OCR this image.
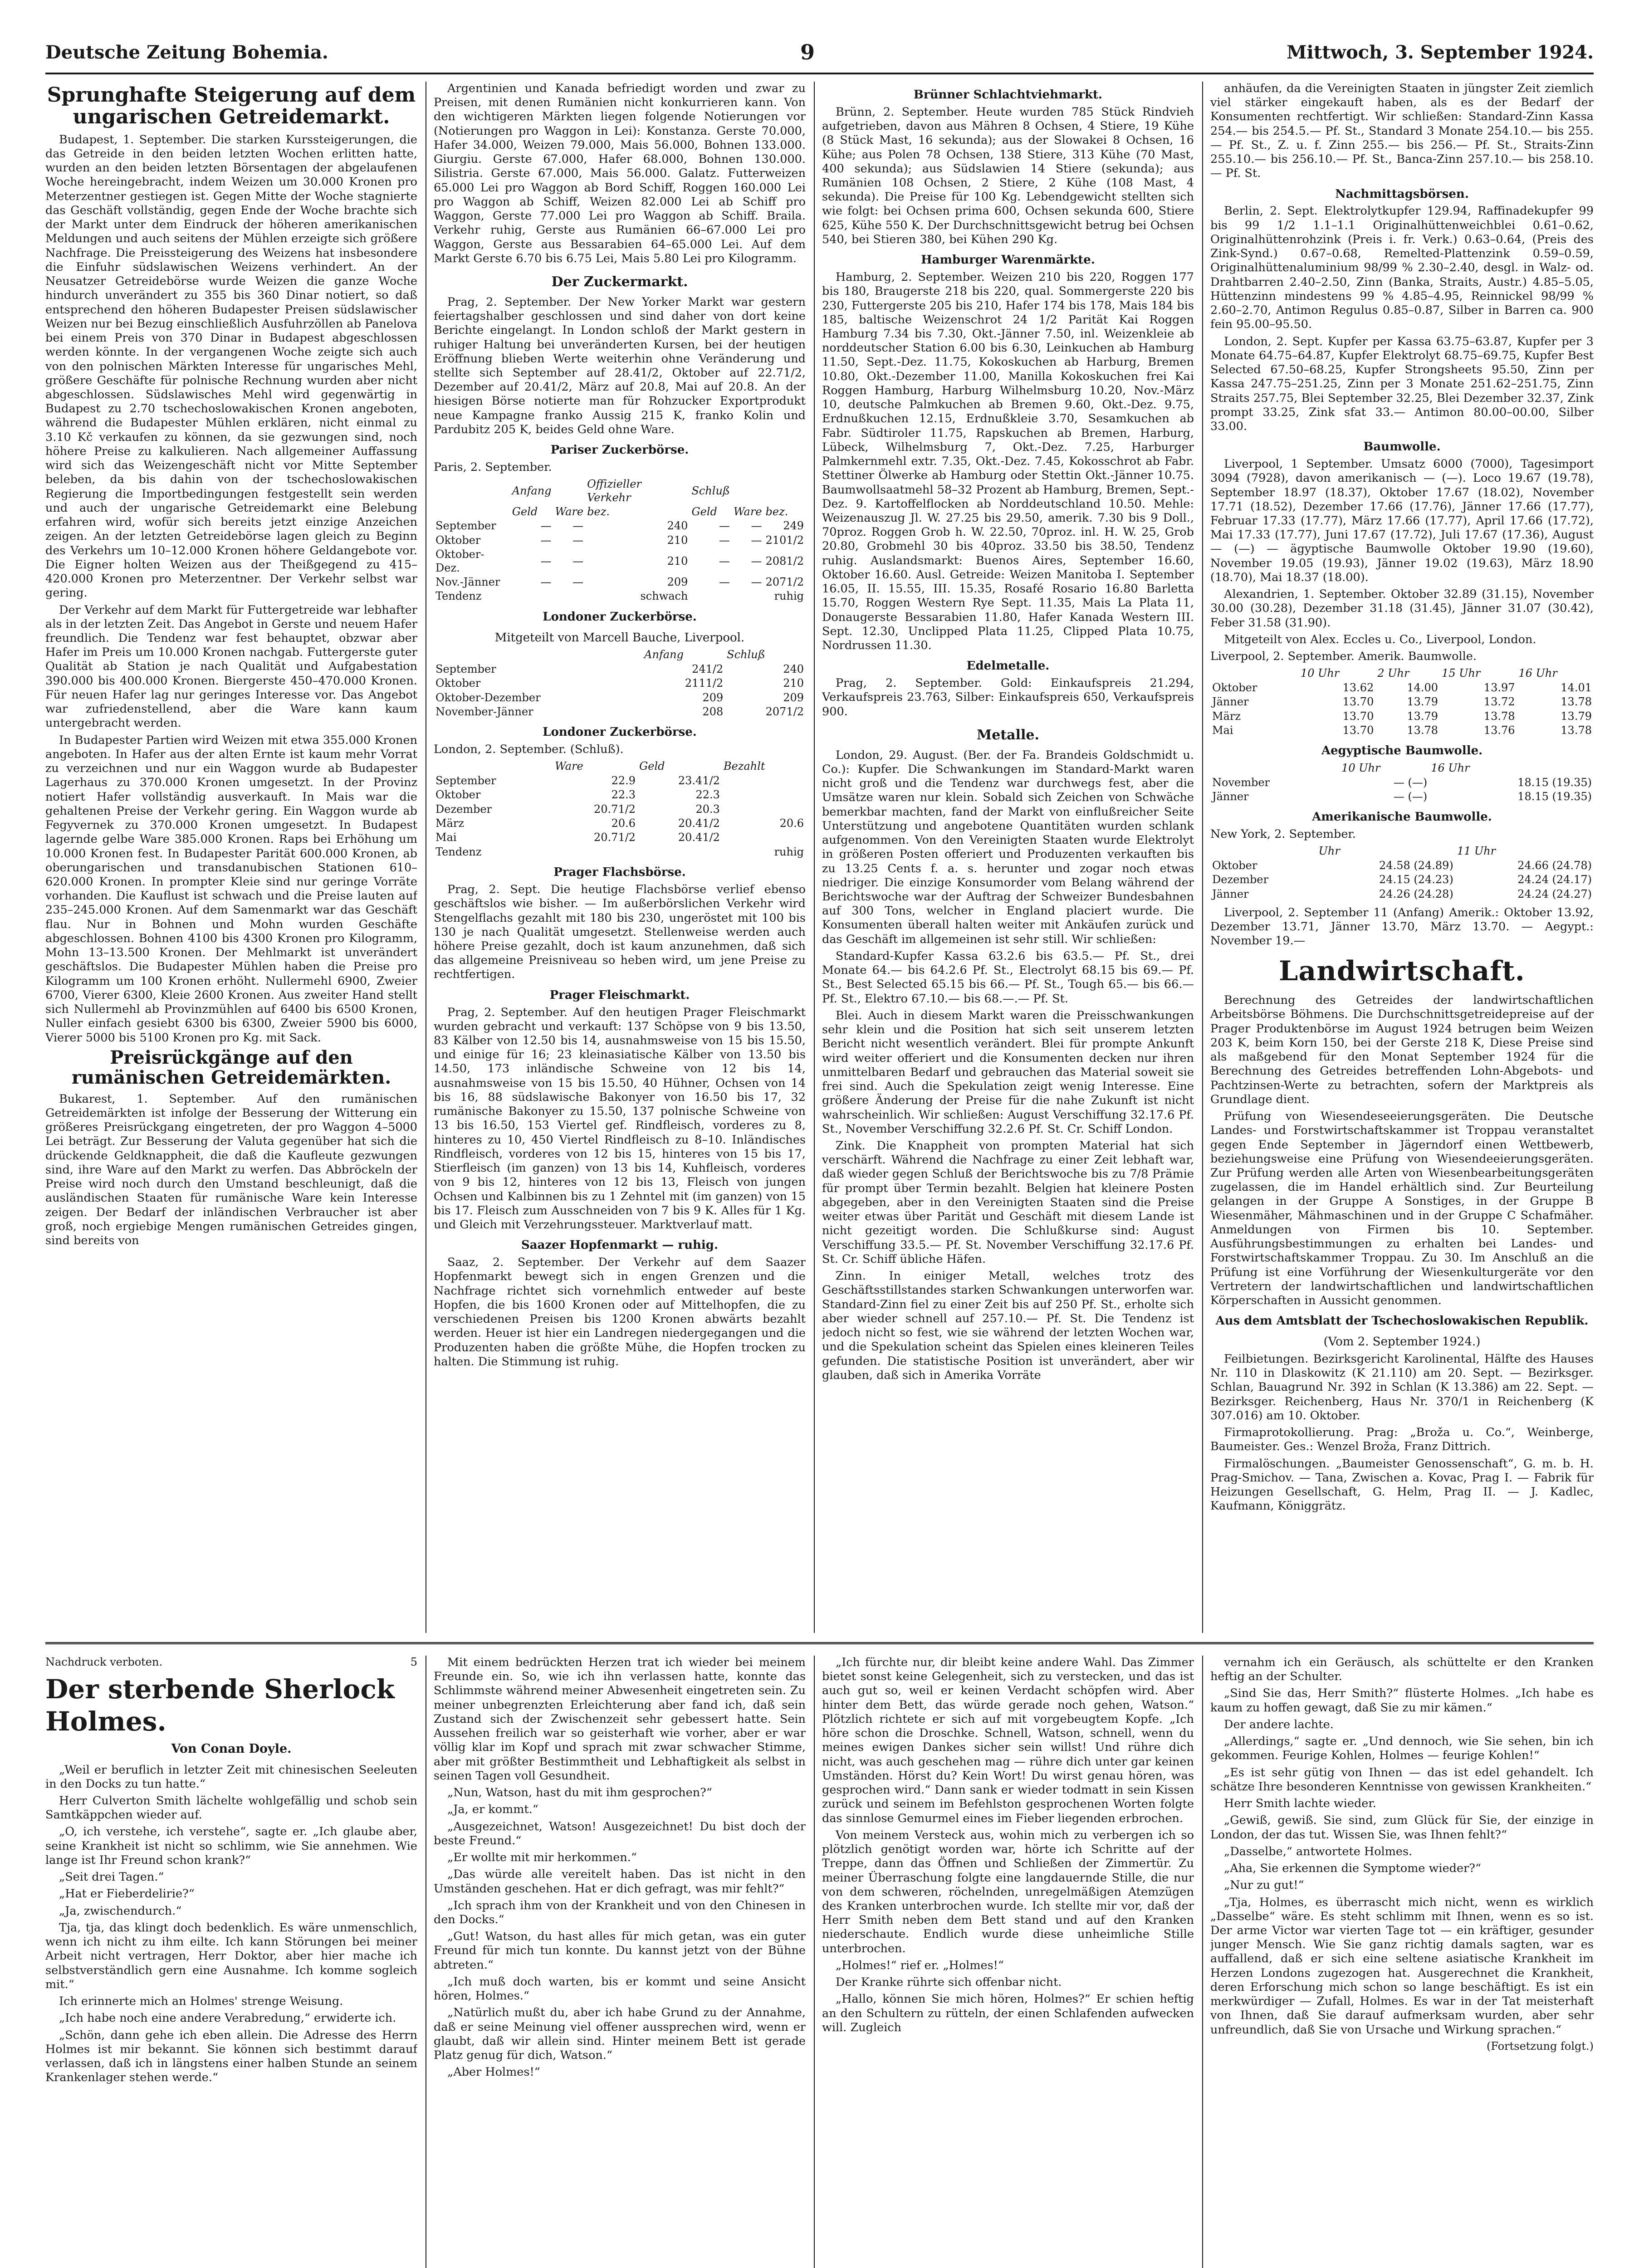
Deutsche Zeitung Bohemia.	9	Mittwoch, 3. September 1924.
Sprunghafte Steigerung auf dem ungarischen Getreidemarkt.

Budapest, 1. September. Die starken Kurssteigerungen, die das Getreide in den beiden letzten Wochen erlitten hatte, wurden an den beiden letzten Börsentagen der abgelaufenen Woche hereingebracht, indem Weizen um 30.000 Kronen pro Meterzentner gestiegen ist. Gegen Mitte der Woche stagnierte das Geschäft vollständig, gegen Ende der Woche brachte sich der Markt unter dem Eindruck der höheren amerikanischen Meldungen und auch seitens der Mühlen erzeigte sich größere Nachfrage. Die Preissteigerung des Weizens hat insbesondere die Einfuhr südslawischen Weizens verhindert. An der Neusatzer Getreidebörse wurde Weizen die ganze Woche hindurch unverändert zu 355 bis 360 Dinar notiert, so daß entsprechend den höheren Budapester Preisen südslawischer Weizen nur bei Bezug einschließlich Ausfuhrzöllen ab Panelova bei einem Preis von 370 Dinar in Budapest abgeschlossen werden könnte. In der vergangenen Woche zeigte sich auch von den polnischen Märkten Interesse für ungarisches Mehl, größere Geschäfte für polnische Rechnung wurden aber nicht abgeschlossen. Südslawisches Mehl wird gegenwärtig in Budapest zu 2.70 tschechoslowakischen Kronen angeboten, während die Budapester Mühlen erklären, nicht einmal zu 3.10 Kč verkaufen zu können, da sie gezwungen sind, noch höhere Preise zu kalkulieren. Nach allgemeiner Auffassung wird sich das Weizengeschäft nicht vor Mitte September beleben, da bis dahin von der tschechoslowakischen Regierung die Importbedingungen festgestellt sein werden und auch der ungarische Getreidemarkt eine Belebung erfahren wird, wofür sich bereits jetzt einzige Anzeichen zeigen. An der letzten Getreidebörse lagen gleich zu Beginn des Verkehrs um 10–12.000 Kronen höhere Geldangebote vor. Die Eigner holten Weizen aus der Theißgegend zu 415–420.000 Kronen pro Meterzentner. Der Verkehr selbst war gering.

Der Verkehr auf dem Markt für Futtergetreide war lebhafter als in der letzten Zeit. Das Angebot in Gerste und neuem Hafer freundlich. Die Tendenz war fest behauptet, obzwar aber Hafer im Preis um 10.000 Kronen nachgab. Futtergerste guter Qualität ab Station je nach Qualität und Aufgabestation 390.000 bis 400.000 Kronen. Biergerste 450–470.000 Kronen. Für neuen Hafer lag nur geringes Interesse vor. Das Angebot war zufriedenstellend, aber die Ware kann kaum untergebracht werden.

In Budapester Partien wird Weizen mit etwa 355.000 Kronen angeboten. In Hafer aus der alten Ernte ist kaum mehr Vorrat zu verzeichnen und nur ein Waggon wurde ab Budapester Lagerhaus zu 370.000 Kronen umgesetzt. In der Provinz notiert Hafer vollständig ausverkauft. In Mais war die gehaltenen Preise der Verkehr gering. Ein Waggon wurde ab Fegyvernek zu 370.000 Kronen umgesetzt. In Budapest lagernde gelbe Ware 385.000 Kronen. Raps bei Erhöhung um 10.000 Kronen fest. In Budapester Parität 600.000 Kronen, ab oberungarischen und transdanubischen Stationen 610–620.000 Kronen. In prompter Kleie sind nur geringe Vorräte vorhanden. Die Kauflust ist schwach und die Preise lauten auf 235–245.000 Kronen. Auf dem Samenmarkt war das Geschäft flau. Nur in Bohnen und Mohn wurden Geschäfte abgeschlossen. Bohnen 4100 bis 4300 Kronen pro Kilogramm, Mohn 13–13.500 Kronen. Der Mehlmarkt ist unverändert geschäftslos. Die Budapester Mühlen haben die Preise pro Kilogramm um 100 Kronen erhöht. Nullermehl 6900, Zweier 6700, Vierer 6300, Kleie 2600 Kronen. Aus zweiter Hand stellt sich Nullermehl ab Provinzmühlen auf 6400 bis 6500 Kronen, Nuller einfach gesiebt 6300 bis 6300, Zweier 5900 bis 6000, Vierer 5000 bis 5100 Kronen pro Kg. mit Sack.

Preisrückgänge auf den rumänischen Getreidemärkten.

Bukarest, 1. September. Auf den rumänischen Getreidemärkten ist infolge der Besserung der Witterung ein größeres Preisrückgang eingetreten, der pro Waggon 4–5000 Lei beträgt. Zur Besserung der Valuta gegenüber hat sich die drückende Geldknappheit, die daß die Kaufleute gezwungen sind, ihre Ware auf den Markt zu werfen. Das Abbröckeln der Preise wird noch durch den Umstand beschleunigt, daß die ausländischen Staaten für rumänische Ware kein Interesse zeigen. Der Bedarf der inländischen Verbraucher ist aber groß, noch ergiebige Mengen rumänischen Getreides gingen, sind bereits von

Argentinien und Kanada befriedigt worden und zwar zu Preisen, mit denen Rumänien nicht konkurrieren kann. Von den wichtigeren Märkten liegen folgende Notierungen vor (Notierungen pro Waggon in Lei): Konstanza. Gerste 70.000, Hafer 34.000, Weizen 79.000, Mais 56.000, Bohnen 133.000. Giurgiu. Gerste 67.000, Hafer 68.000, Bohnen 130.000. Silistria. Gerste 67.000, Mais 56.000. Galatz. Futterweizen 65.000 Lei pro Waggon ab Bord Schiff, Roggen 160.000 Lei pro Waggon ab Schiff, Weizen 82.000 Lei ab Schiff pro Waggon, Gerste 77.000 Lei pro Waggon ab Schiff. Braila. Verkehr ruhig, Gerste aus Rumänien 66–67.000 Lei pro Waggon, Gerste aus Bessarabien 64–65.000 Lei. Auf dem Markt Gerste 6.70 bis 6.75 Lei, Mais 5.80 Lei pro Kilogramm.

Der Zuckermarkt.

Prag, 2. September. Der New Yorker Markt war gestern feiertagshalber geschlossen und sind daher von dort keine Berichte eingelangt. In London schloß der Markt gestern in ruhiger Haltung bei unveränderten Kursen, bei der heutigen Eröffnung blieben Werte weiterhin ohne Veränderung und stellte sich September auf 28.41/2, Oktober auf 22.71/2, Dezember auf 20.41/2, März auf 20.8, Mai auf 20.8. An der hiesigen Börse notierte man für Rohzucker Exportprodukt neue Kampagne franko Aussig 215 K, franko Kolin und Pardubitz 205 K, beides Geld ohne Ware.

Pariser Zuckerbörse.
Paris, 2. September.
	Anfang		Offizieller Verkehr	Schluß		
	Geld	Ware	bez.	Geld	Ware	bez.
September	—	—	240	—	—	249
Oktober	—	—	210	—	—	2101/2
Oktober-Dez.	—	—	210	—	—	2081/2
Nov.-Jänner	—	—	209	—	—	2071/2
Tendenz	schwach			ruhig		
Londoner Zuckerbörse.
Mitgeteilt von Marcell Bauche, Liverpool.
	Anfang	Schluß
September	241/2	240
Oktober	2111/2	210
Oktober-Dezember	209	209
November-Jänner	208	2071/2
Londoner Zuckerbörse.
London, 2. September. (Schluß).
	Ware	Geld	Bezahlt
September	22.9	23.41/2	
Oktober	22.3	22.3	
Dezember	20.71/2	20.3	
März	20.6	20.41/2	20.6
Mai	20.71/2	20.41/2	
Tendenz	ruhig		
Prager Flachsbörse.

Prag, 2. Sept. Die heutige Flachsbörse verlief ebenso geschäftslos wie bisher. — Im außerbörslichen Verkehr wird Stengelflachs gezahlt mit 180 bis 230, ungeröstet mit 100 bis 130 je nach Qualität umgesetzt. Stellenweise werden auch höhere Preise gezahlt, doch ist kaum anzunehmen, daß sich das allgemeine Preisniveau so heben wird, um jene Preise zu rechtfertigen.

Prager Fleischmarkt.

Prag, 2. September. Auf den heutigen Prager Fleischmarkt wurden gebracht und verkauft: 137 Schöpse von 9 bis 13.50, 83 Kälber von 12.50 bis 14, ausnahmsweise von 15 bis 15.50, und einige für 16; 23 kleinasiatische Kälber von 13.50 bis 14.50, 173 inländische Schweine von 12 bis 14, ausnahmsweise von 15 bis 15.50, 40 Hühner, Ochsen von 14 bis 16, 88 südslawische Bakonyer von 16.50 bis 17, 32 rumänische Bakonyer zu 15.50, 137 polnische Schweine von 13 bis 16.50, 153 Viertel gef. Rindfleisch, vorderes zu 8, hinteres zu 10, 450 Viertel Rindfleisch zu 8–10. Inländisches Rindfleisch, vorderes von 12 bis 15, hinteres von 15 bis 17, Stierfleisch (im ganzen) von 13 bis 14, Kuhfleisch, vorderes von 9 bis 12, hinteres von 12 bis 13, Fleisch von jungen Ochsen und Kalbinnen bis zu 1 Zehntel mit (im ganzen) von 15 bis 17. Fleisch zum Ausschneiden von 7 bis 9 K. Alles für 1 Kg. und Gleich mit Verzehrungssteuer. Marktverlauf matt.

Saazer Hopfenmarkt — ruhig.

Saaz, 2. September. Der Verkehr auf dem Saazer Hopfenmarkt bewegt sich in engen Grenzen und die Nachfrage richtet sich vornehmlich entweder auf beste Hopfen, die bis 1600 Kronen oder auf Mittelhopfen, die zu verschiedenen Preisen bis 1200 Kronen abwärts bezahlt werden. Heuer ist hier ein Landregen niedergegangen und die Produzenten haben die größte Mühe, die Hopfen trocken zu halten. Die Stimmung ist ruhig.

Brünner Schlachtviehmarkt.

Brünn, 2. September. Heute wurden 785 Stück Rindvieh aufgetrieben, davon aus Mähren 8 Ochsen, 4 Stiere, 19 Kühe (8 Stück Mast, 16 sekunda); aus der Slowakei 8 Ochsen, 16 Kühe; aus Polen 78 Ochsen, 138 Stiere, 313 Kühe (70 Mast, 400 sekunda); aus Südslawien 14 Stiere (sekunda); aus Rumänien 108 Ochsen, 2 Stiere, 2 Kühe (108 Mast, 4 sekunda). Die Preise für 100 Kg. Lebendgewicht stellten sich wie folgt: bei Ochsen prima 600, Ochsen sekunda 600, Stiere 625, Kühe 550 K. Der Durchschnittsgewicht betrug bei Ochsen 540, bei Stieren 380, bei Kühen 290 Kg.

Hamburger Warenmärkte.

Hamburg, 2. September. Weizen 210 bis 220, Roggen 177 bis 180, Braugerste 218 bis 220, qual. Sommergerste 220 bis 230, Futtergerste 205 bis 210, Hafer 174 bis 178, Mais 184 bis 185, baltische Weizenschrot 24 1/2 Parität Kai Roggen Hamburg 7.34 bis 7.30, Okt.-Jänner 7.50, inl. Weizenkleie ab norddeutscher Station 6.00 bis 6.30, Leinkuchen ab Hamburg 11.50, Sept.-Dez. 11.75, Kokoskuchen ab Harburg, Bremen 10.80, Okt.-Dezember 11.00, Manilla Kokoskuchen frei Kai Roggen Hamburg, Harburg Wilhelmsburg 10.20, Nov.-März 10, deutsche Palmkuchen ab Bremen 9.60, Okt.-Dez. 9.75, Erdnußkuchen 12.15, Erdnußkleie 3.70, Sesamkuchen ab Fabr. Südtiroler 11.75, Rapskuchen ab Bremen, Harburg, Lübeck, Wilhelmsburg 7, Okt.-Dez. 7.25, Harburger Palmkernmehl extr. 7.35, Okt.-Dez. 7.45, Kokosschrot ab Fabr. Stettiner Ölwerke ab Hamburg oder Stettin Okt.-Jänner 10.75. Baumwollsaatmehl 58–32 Prozent ab Hamburg, Bremen, Sept.-Dez. 9. Kartoffelflocken ab Norddeutschland 10.50. Mehle: Weizenauszug Jl. W. 27.25 bis 29.50, amerik. 7.30 bis 9 Doll., 70proz. Roggen Grob h. W. 22.50, 70proz. inl. H. W. 25, Grob 20.80, Grobmehl 30 bis 40proz. 33.50 bis 38.50, Tendenz ruhig. Auslandsmarkt: Buenos Aires, September 16.60, Oktober 16.60. Ausl. Getreide: Weizen Manitoba I. September 16.05, II. 15.55, III. 15.35, Rosafé Rosario 16.80 Barletta 15.70, Roggen Western Rye Sept. 11.35, Mais La Plata 11, Donaugerste Bessarabien 11.80, Hafer Kanada Western III. Sept. 12.30, Unclipped Plata 11.25, Clipped Plata 10.75, Nordrussen 11.30.

Edelmetalle.

Prag, 2. September. Gold: Einkaufspreis 21.294, Verkaufspreis 23.763, Silber: Einkaufspreis 650, Verkaufspreis 900.

Metalle.

London, 29. August. (Ber. der Fa. Brandeis Goldschmidt u. Co.): Kupfer. Die Schwankungen im Standard-Markt waren nicht groß und die Tendenz war durchwegs fest, aber die Umsätze waren nur klein. Sobald sich Zeichen von Schwäche bemerkbar machten, fand der Markt von einflußreicher Seite Unterstützung und angebotene Quantitäten wurden schlank aufgenommen. Von den Vereinigten Staaten wurde Elektrolyt in größeren Posten offeriert und Produzenten verkauften bis zu 13.25 Cents f. a. s. herunter und zogar noch etwas niedriger. Die einzige Konsumorder vom Belang während der Berichtswoche war der Auftrag der Schweizer Bundesbahnen auf 300 Tons, welcher in England placiert wurde. Die Konsumenten überall halten weiter mit Ankäufen zurück und das Geschäft im allgemeinen ist sehr still. Wir schließen:

Standard-Kupfer Kassa 63.2.6 bis 63.5.— Pf. St., drei Monate 64.— bis 64.2.6 Pf. St., Electrolyt 68.15 bis 69.— Pf. St., Best Selected 65.15 bis 66.— Pf. St., Tough 65.— bis 66.— Pf. St., Elektro 67.10.— bis 68.—.— Pf. St.

Blei. Auch in diesem Markt waren die Preisschwankungen sehr klein und die Position hat sich seit unserem letzten Bericht nicht wesentlich verändert. Blei für prompte Ankunft wird weiter offeriert und die Konsumenten decken nur ihren unmittelbaren Bedarf und gebrauchen das Material soweit sie frei sind. Auch die Spekulation zeigt wenig Interesse. Eine größere Änderung der Preise für die nahe Zukunft ist nicht wahrscheinlich. Wir schließen: August Verschiffung 32.17.6 Pf. St., November Verschiffung 32.2.6 Pf. St. Cr. Schiff London.

Zink. Die Knappheit von prompten Material hat sich verschärft. Während die Nachfrage zu einer Zeit lebhaft war, daß wieder gegen Schluß der Berichtswoche bis zu 7/8 Prämie für prompt über Termin bezahlt. Belgien hat kleinere Posten abgegeben, aber in den Vereinigten Staaten sind die Preise weiter etwas über Parität und Geschäft mit diesem Lande ist nicht gezeitigt worden. Die Schlußkurse sind: August Verschiffung 33.5.— Pf. St. November Verschiffung 32.17.6 Pf. St. Cr. Schiff übliche Häfen.

Zinn. In einiger Metall, welches trotz des Geschäftsstillstandes starken Schwankungen unterworfen war. Standard-Zinn fiel zu einer Zeit bis auf 250 Pf. St., erholte sich aber wieder schnell auf 257.10.— Pf. St. Die Tendenz ist jedoch nicht so fest, wie sie während der letzten Wochen war, und die Spekulation scheint das Spielen eines kleineren Teiles gefunden. Die statistische Position ist unverändert, aber wir glauben, daß sich in Amerika Vorräte

anhäufen, da die Vereinigten Staaten in jüngster Zeit ziemlich viel stärker eingekauft haben, als es der Bedarf der Konsumenten rechtfertigt. Wir schließen: Standard-Zinn Kassa 254.— bis 254.5.— Pf. St., Standard 3 Monate 254.10.— bis 255.— Pf. St., Z. u. f. Zinn 255.— bis 256.— Pf. St., Straits-Zinn 255.10.— bis 256.10.— Pf. St., Banca-Zinn 257.10.— bis 258.10.— Pf. St.

Nachmittagsbörsen.

Berlin, 2. Sept. Elektrolytkupfer 129.94, Raffinadekupfer 99 bis 99 1/2 1.1–1.1 Originalhüttenweichblei 0.61–0.62, Originalhüttenrohzink (Preis i. fr. Verk.) 0.63–0.64, (Preis des Zink-Synd.) 0.67–0.68, Remelted-Plattenzink 0.59–0.59, Originalhüttenaluminium 98/99 % 2.30–2.40, desgl. in Walz- od. Drahtbarren 2.40–2.50, Zinn (Banka, Straits, Austr.) 4.85–5.05, Hüttenzinn mindestens 99 % 4.85–4.95, Reinnickel 98/99 % 2.60–2.70, Antimon Regulus 0.85–0.87, Silber in Barren ca. 900 fein 95.00–95.50.

London, 2. Sept. Kupfer per Kassa 63.75–63.87, Kupfer per 3 Monate 64.75–64.87, Kupfer Elektrolyt 68.75–69.75, Kupfer Best Selected 67.50–68.25, Kupfer Strongsheets 95.50, Zinn per Kassa 247.75–251.25, Zinn per 3 Monate 251.62–251.75, Zinn Straits 257.75, Blei September 32.25, Blei Dezember 32.37, Zink prompt 33.25, Zink sfat 33.— Antimon 80.00–00.00, Silber 33.00.

Baumwolle.

Liverpool, 1 September. Umsatz 6000 (7000), Tagesimport 3094 (7928), davon amerikanisch — (—). Loco 19.67 (19.78), September 18.97 (18.37), Oktober 17.67 (18.02), November 17.71 (18.52), Dezember 17.66 (17.76), Jänner 17.66 (17.77), Februar 17.33 (17.77), März 17.66 (17.77), April 17.66 (17.72), Mai 17.33 (17.77), Juni 17.67 (17.72), Juli 17.67 (17.36), August — (—) — ägyptische Baumwolle Oktober 19.90 (19.60), November 19.05 (19.93), Jänner 19.02 (19.63), März 18.90 (18.70), Mai 18.37 (18.00).

Alexandrien, 1. September. Oktober 32.89 (31.15), November 30.00 (30.28), Dezember 31.18 (31.45), Jänner 31.07 (30.42), Feber 31.58 (31.90).

Mitgeteilt von Alex. Eccles u. Co., Liverpool, London.

Liverpool, 2. September. Amerik. Baumwolle.
	10 Uhr	2 Uhr	15 Uhr	16 Uhr
Oktober	13.62	14.00	13.97	14.01
Jänner	13.70	13.79	13.72	13.78
März	13.70	13.79	13.78	13.79
Mai	13.70	13.78	13.76	13.78
Aegyptische Baumwolle.
	10 Uhr	16 Uhr
November	— (—)	18.15 (19.35)
Jänner	— (—)	18.15 (19.35)
Amerikanische Baumwolle.
New York, 2. September.
	Uhr	11 Uhr
Oktober	24.58 (24.89)	24.66 (24.78)
Dezember	24.15 (24.23)	24.24 (24.17)
Jänner	24.26 (24.28)	24.24 (24.27)

Liverpool, 2. September 11 (Anfang) Amerik.: Oktober 13.92, Dezember 13.71, Jänner 13.70, März 13.70. — Aegypt.: November 19.—

Landwirtschaft.

Berechnung des Getreides der landwirtschaftlichen Arbeitsbörse Böhmens. Die Durchschnittsgetreidepreise auf der Prager Produktenbörse im August 1924 betrugen beim Weizen 203 K, beim Korn 150, bei der Gerste 218 K, Diese Preise sind als maßgebend für den Monat September 1924 für die Berechnung des Getreides betreffenden Lohn-Abgebots- und Pachtzinsen-Werte zu betrachten, sofern der Marktpreis als Grundlage dient.

Prüfung von Wiesendeseeierungsgeräten. Die Deutsche Landes- und Forstwirtschaftskammer ist Troppau veranstaltet gegen Ende September in Jägerndorf einen Wettbewerb, beziehungsweise eine Prüfung von Wiesendeeierungsgeräten. Zur Prüfung werden alle Arten von Wiesenbearbeitungsgeräten zugelassen, die im Handel erhältlich sind. Zur Beurteilung gelangen in der Gruppe A Sonstiges, in der Gruppe B Wiesenmäher, Mähmaschinen und in der Gruppe C Schafmäher. Anmeldungen von Firmen bis 10. September. Ausführungsbestimmungen zu erhalten bei Landes- und Forstwirtschaftskammer Troppau. Zu 30. Im Anschluß an die Prüfung ist eine Vorführung der Wiesenkulturgeräte vor den Vertretern der landwirtschaftlichen und landwirtschaftlichen Körperschaften in Aussicht genommen.

Aus dem Amtsblatt der Tschechoslowakischen Republik.
(Vom 2. September 1924.)

Feilbietungen. Bezirksgericht Karolinental, Hälfte des Hauses Nr. 110 in Dlaskowitz (K 21.110) am 20. Sept. — Bezirksger. Schlan, Bauagrund Nr. 392 in Schlan (K 13.386) am 22. Sept. — Bezirksger. Reichenberg, Haus Nr. 370/1 in Reichenberg (K 307.016) am 10. Oktober.

Firmaprotokollierung. Prag: „Broža u. Co.“, Weinberge, Baumeister. Ges.: Wenzel Broža, Franz Dittrich.

Firmalöschungen. „Baumeister Genossenschaft“, G. m. b. H. Prag-Smichov. — Tana, Zwischen a. Kovac, Prag I. — Fabrik für Heizungen Gesellschaft, G. Helm, Prag II. — J. Kadlec, Kaufmann, Königgrätz.

Nachdruck verboten.	5
Der sterbende Sherlock Holmes.
Von Conan Doyle.

„Weil er beruflich in letzter Zeit mit chinesischen Seeleuten in den Docks zu tun hatte.“

Herr Culverton Smith lächelte wohlgefällig und schob sein Samtkäppchen wieder auf.

„O, ich verstehe, ich verstehe“, sagte er. „Ich glaube aber, seine Krankheit ist nicht so schlimm, wie Sie annehmen. Wie lange ist Ihr Freund schon krank?“

„Seit drei Tagen.“

„Hat er Fieberdelirie?“

„Ja, zwischendurch.“

Tja, tja, das klingt doch bedenklich. Es wäre unmenschlich, wenn ich nicht zu ihm eilte. Ich kann Störungen bei meiner Arbeit nicht vertragen, Herr Doktor, aber hier mache ich selbstverständlich gern eine Ausnahme. Ich komme sogleich mit.“

Ich erinnerte mich an Holmes' strenge Weisung.

„Ich habe noch eine andere Verabredung,“ erwiderte ich.

„Schön, dann gehe ich eben allein. Die Adresse des Herrn Holmes ist mir bekannt. Sie können sich bestimmt darauf verlassen, daß ich in längstens einer halben Stunde an seinem Krankenlager stehen werde.“

Mit einem bedrückten Herzen trat ich wieder bei meinem Freunde ein. So, wie ich ihn verlassen hatte, konnte das Schlimmste während meiner Abwesenheit eingetreten sein. Zu meiner unbegrenzten Erleichterung aber fand ich, daß sein Zustand sich der Zwischenzeit sehr gebessert hatte. Sein Aussehen freilich war so geisterhaft wie vorher, aber er war völlig klar im Kopf und sprach mit zwar schwacher Stimme, aber mit größter Bestimmtheit und Lebhaftigkeit als selbst in seinen Tagen voll Gesundheit.

„Nun, Watson, hast du mit ihm gesprochen?“

„Ja, er kommt.“

„Ausgezeichnet, Watson! Ausgezeichnet! Du bist doch der beste Freund.“

„Er wollte mit mir herkommen.“

„Das würde alle vereitelt haben. Das ist nicht in den Umständen geschehen. Hat er dich gefragt, was mir fehlt?“

„Ich sprach ihm von der Krankheit und von den Chinesen in den Docks.“

„Gut! Watson, du hast alles für mich getan, was ein guter Freund für mich tun konnte. Du kannst jetzt von der Bühne abtreten.“

„Ich muß doch warten, bis er kommt und seine Ansicht hören, Holmes.“

„Natürlich mußt du, aber ich habe Grund zu der Annahme, daß er seine Meinung viel offener aussprechen wird, wenn er glaubt, daß wir allein sind. Hinter meinem Bett ist gerade Platz genug für dich, Watson.“

„Aber Holmes!“

„Ich fürchte nur, dir bleibt keine andere Wahl. Das Zimmer bietet sonst keine Gelegenheit, sich zu verstecken, und das ist auch gut so, weil er keinen Verdacht schöpfen wird. Aber hinter dem Bett, das würde gerade noch gehen, Watson.“ Plötzlich richtete er sich auf mit vorgebeugtem Kopfe. „Ich höre schon die Droschke. Schnell, Watson, schnell, wenn du meines ewigen Dankes sicher sein willst! Und rühre dich nicht, was auch geschehen mag — rühre dich unter gar keinen Umständen. Hörst du? Kein Wort! Du wirst genau hören, was gesprochen wird.“ Dann sank er wieder todmatt in sein Kissen zurück und seinem im Befehlston gesprochenen Worten folgte das sinnlose Gemurmel eines im Fieber liegenden erbrochen.

Von meinem Versteck aus, wohin mich zu verbergen ich so plötzlich genötigt worden war, hörte ich Schritte auf der Treppe, dann das Öffnen und Schließen der Zimmertür. Zu meiner Überraschung folgte eine langdauernde Stille, die nur von dem schweren, röchelnden, unregelmäßigen Atemzügen des Kranken unterbrochen wurde. Ich stellte mir vor, daß der Herr Smith neben dem Bett stand und auf den Kranken niederschaute. Endlich wurde diese unheimliche Stille unterbrochen.

„Holmes!“ rief er. „Holmes!“

Der Kranke rührte sich offenbar nicht.

„Hallo, können Sie mich hören, Holmes?“ Er schien heftig an den Schultern zu rütteln, der einen Schlafenden aufwecken will. Zugleich

vernahm ich ein Geräusch, als schüttelte er den Kranken heftig an der Schulter.

„Sind Sie das, Herr Smith?“ flüsterte Holmes. „Ich habe es kaum zu hoffen gewagt, daß Sie zu mir kämen.“

Der andere lachte.

„Allerdings,“ sagte er. „Und dennoch, wie Sie sehen, bin ich gekommen. Feurige Kohlen, Holmes — feurige Kohlen!“

„Es ist sehr gütig von Ihnen — das ist edel gehandelt. Ich schätze Ihre besonderen Kenntnisse von gewissen Krankheiten.“

Herr Smith lachte wieder.

„Gewiß, gewiß. Sie sind, zum Glück für Sie, der einzige in London, der das tut. Wissen Sie, was Ihnen fehlt?“

„Dasselbe,“ antwortete Holmes.

„Aha, Sie erkennen die Symptome wieder?“

„Nur zu gut!“

„Tja, Holmes, es überrascht mich nicht, wenn es wirklich „Dasselbe“ wäre. Es steht schlimm mit Ihnen, wenn es so ist. Der arme Victor war vierten Tage tot — ein kräftiger, gesunder junger Mensch. Wie Sie ganz richtig damals sagten, war es auffallend, daß er sich eine seltene asiatische Krankheit im Herzen Londons zugezogen hat. Ausgerechnet die Krankheit, deren Erforschung mich schon so lange beschäftigt. Es ist ein merkwürdiger — Zufall, Holmes. Es war in der Tat meisterhaft von Ihnen, daß Sie darauf aufmerksam wurden, aber sehr unfreundlich, daß Sie von Ursache und Wirkung sprachen.“

(Fortsetzung folgt.)
